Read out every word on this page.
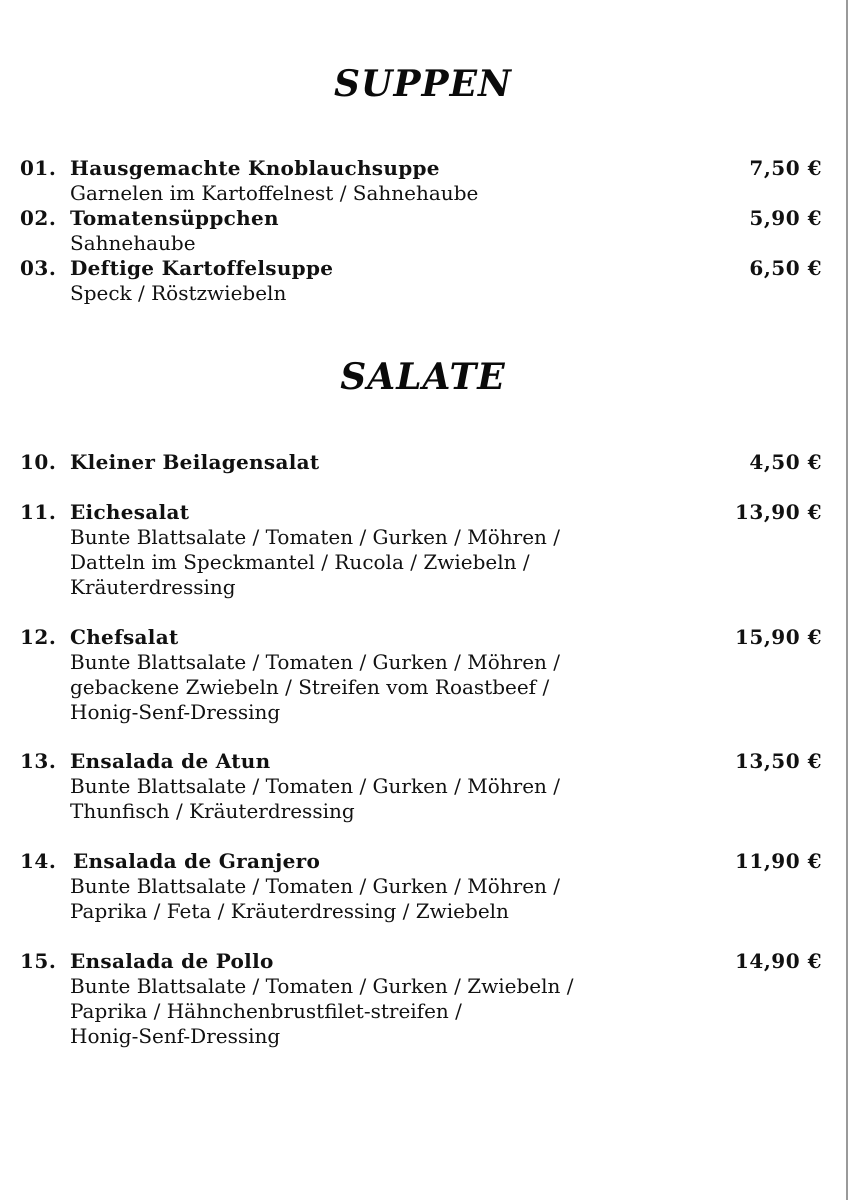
SUPPEN
01. Hausgemachte Knoblauchsuppe	7,50 €
Garnelen im Kartoffelnest / Sahnehaube
02. Tomatensüppchen	5,90 €
Sahnehaube
03. Deftige Kartoffelsuppe	6,50 €
Speck / Röstzwiebeln
SALATE
10. Kleiner Beilagensalat	4,50 €
11. Eichesalat	13,90 €
Bunte Blattsalate / Tomaten / Gurken / Möhren /
Datteln im Speckmantel / Rucola / Zwiebeln /
Kräuterdressing
12. Chefsalat	15,90 €
Bunte Blattsalate / Tomaten / Gurken / Möhren /
gebackene Zwiebeln / Streifen vom Roastbeef /
Honig-Senf-Dressing
13. Ensalada de Atun	13,50 €
Bunte Blattsalate / Tomaten / Gurken / Möhren /
Thunfisch / Kräuterdressing
14. Ensalada de Granjero	11,90 €
Bunte Blattsalate / Tomaten / Gurken / Möhren /
Paprika / Feta / Kräuterdressing / Zwiebeln
15. Ensalada de Pollo	14,90 €
Bunte Blattsalate / Tomaten / Gurken / Zwiebeln /
Paprika / Hähnchenbrustfilet-streifen /
Honig-Senf-Dressing
